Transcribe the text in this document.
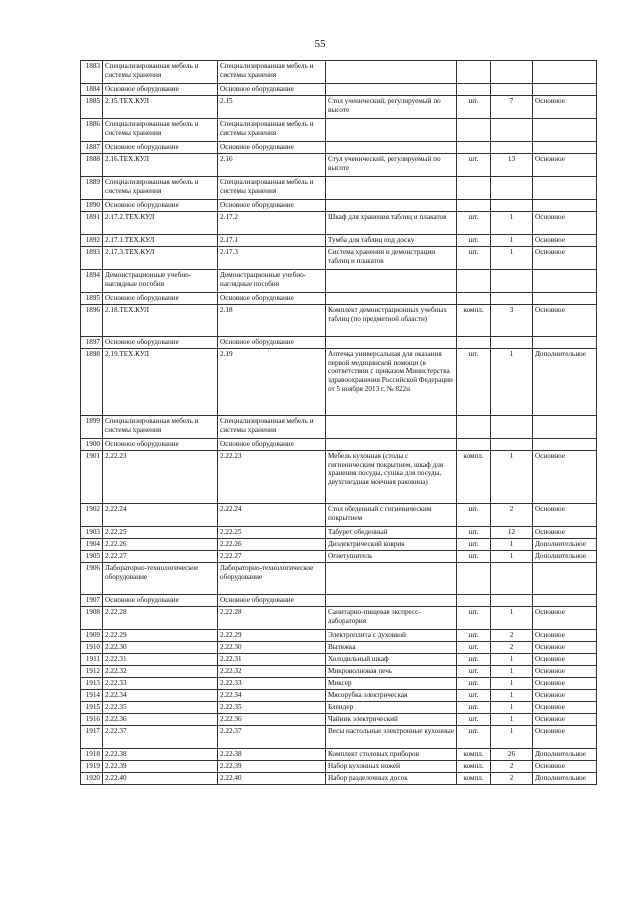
55
1883	Специализированная мебель и системы хранения	Специализированная мебель и системы хранения				
1884	Основное оборудование	Основное оборудование				
1885	2.15.ТЕХ.КУЛ	2.15	Стол ученический, регулируемый по высоте	шт.	7	Основное
1886	Специализированная мебель и системы хранения	Специализированная мебель и системы хранения				
1887	Основное оборудование	Основное оборудование				
1888	2.16.ТЕХ.КУЛ	2.16	Стул ученический, регулируемый по высоте	шт.	13	Основное
1889	Специализированная мебель и системы хранения	Специализированная мебель и системы хранения				
1890	Основное оборудование	Основное оборудование				
1891	2.17.2.ТЕХ.КУЛ	2.17.2	Шкаф для хранения таблиц и плакатов	шт.	1	Основное
1892	2.17.1.ТЕХ.КУЛ	2.17.1	Тумба для таблиц под доску	шт.	1	Основное
1893	2.17.3.ТЕХ.КУЛ	2.17.3	Система хранения и демонстрации таблиц и плакатов	шт.	1	Основное
1894	Демонстрационные учебно-наглядные пособия	Демонстрационные учебно-наглядные пособия				
1895	Основное оборудование	Основное оборудование				
1896	2.18.ТЕХ.КУЛ	2.18	Комплект демонстрационных учебных таблиц (по предметной области)	компл.	3	Основное
1897	Основное оборудование	Основное оборудование				
1898	2.19.ТЕХ.КУЛ	2.19	Аптечка универсальная для оказания первой медицинской помощи (в соответствии с приказом Министерства здравоохранения Российской Федерации от 5 ноября 2013 г. № 822н	шт.	1	Дополнительное
1899	Специализированная мебель и системы хранения	Специализированная мебель и системы хранения				
1900	Основное оборудование	Основное оборудование				
1901	2.22.23	2.22.23	Мебель кухонная (столы с гигиеническим покрытием, шкаф для хранения посуды, сушка для посуды, двухгнездная моечная раковина)	компл.	1	Основное
1902	2.22.24	2.22.24	Стол обеденный с гигиеническим покрытием	шт.	2	Основное
1903	2.22.25	2.22.25	Табурет обеденный	шт.	12	Основное
1904	2.22.26	2.22.26	Диэлектрический коврик	шт.	1	Дополнительное
1905	2.22.27	2.22.27	Огнетушитель	шт.	1	Дополнительное
1906	Лабораторно-технологическое оборудование	Лабораторно-технологическое оборудование				
1907	Основное оборудование	Основное оборудование				
1908	2.22.28	2.22.28	Санитарно-пищевая экспресс-лаборатория	шт.	1	Основное
1909	2.22.29	2.22.29	Электроплита с духовкой	шт.	2	Основное
1910	2.22.30	2.22.30	Вытяжка	шт.	2	Основное
1911	2.22.31	2.22.31	Холодильный шкаф	шт.	1	Основное
1912	2.22.32	2.22.32	Микроволновая печь	шт.	1	Основное
1913	2.22.33	2.22.33	Миксер	шт.	1	Основное
1914	2.22.34	2.22.34	Мясорубка электрическая	шт.	1	Основное
1915	2.22.35	2.22.35	Блендер	шт.	1	Основное
1916	2.22.36	2.22.36	Чайник электрический	шт.	1	Основное
1917	2.22.37	2.22.37	Весы настольные электронные кухонные	шт.	1	Основное
1918	2.22.38	2.22.38	Комплект столовых приборов	компл.	26	Дополнительное
1919	2.22.39	2.22.39	Набор кухонных ножей	компл.	2	Основное
1920	2.22.40	2.22.40	Набор разделочных досок	компл.	2	Дополнительное
